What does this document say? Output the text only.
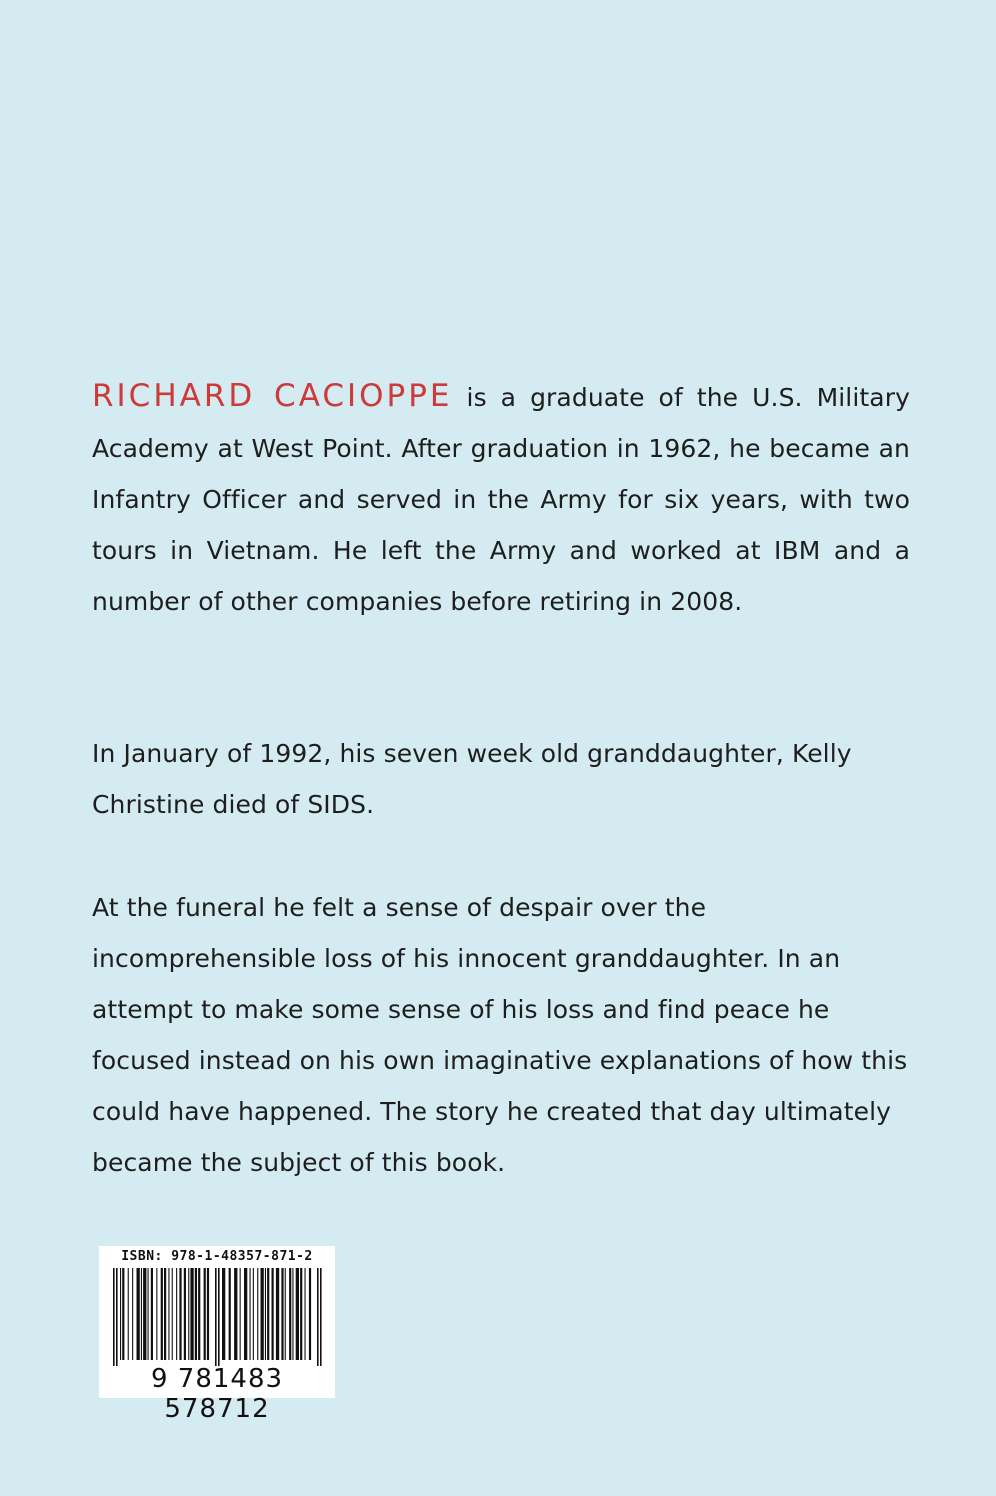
RICHARD CACIOPPE is a graduate of the U.S. Military Academy at West Point. After graduation in 1962, he became an Infantry Officer and served in the Army for six years, with two tours in Vietnam. He left the Army and worked at IBM and a number of other companies before retiring in 2008.

In January of 1992, his seven week old granddaughter, Kelly Christine died of SIDS.

At the funeral he felt a sense of despair over the incomprehensible loss of his innocent granddaughter. In an attempt to make some sense of his loss and find peace he focused instead on his own imaginative explanations of how this could have happened. The story he created that day ultimately became the subject of this book.

ISBN: 978-1-48357-871-2
9 781483 578712
